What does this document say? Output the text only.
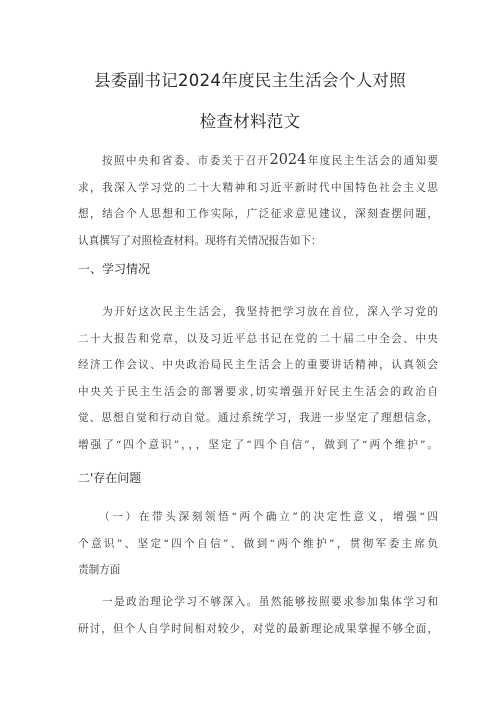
县委副书记2024年度民主生活会个人对照
检查材料范文
　　按照中央和省委、市委关于召开2024年度民主生活会的通知要
求，我深入学习党的二十大精神和习近平新时代中国特色社会主义思
想，结合个人思想和工作实际，广泛征求意见建议，深刻查摆问题，
认真撰写了对照检查材料。现将有关情况报告如下：
一、学习情况
　　为开好这次民主生活会，我坚持把学习放在首位，深入学习党的
二十大报告和党章，以及习近平总书记在党的二十届二中全会、中央
经济工作会议、中央政治局民主生活会上的重要讲话精神，认真领会
中央关于民主生活会的部署要求,切实增强开好民主生活会的政治自
觉、思想自觉和行动自觉。通过系统学习，我进一步坚定了理想信念，
增强了“四个意识”，，，坚定了“四个自信”，做到了“两个维护”。
二'存在问题
　　（一）在带头深刻领悟“两个确立”的决定性意义，增强“四
个意识”、坚定“四个自信”、做到“两个维护”，贯彻军委主席负
责制方面
　　一是政治理论学习不够深入。虽然能够按照要求参加集体学习和
研讨，但个人自学时间相对较少，对党的最新理论成果掌握不够全面，
